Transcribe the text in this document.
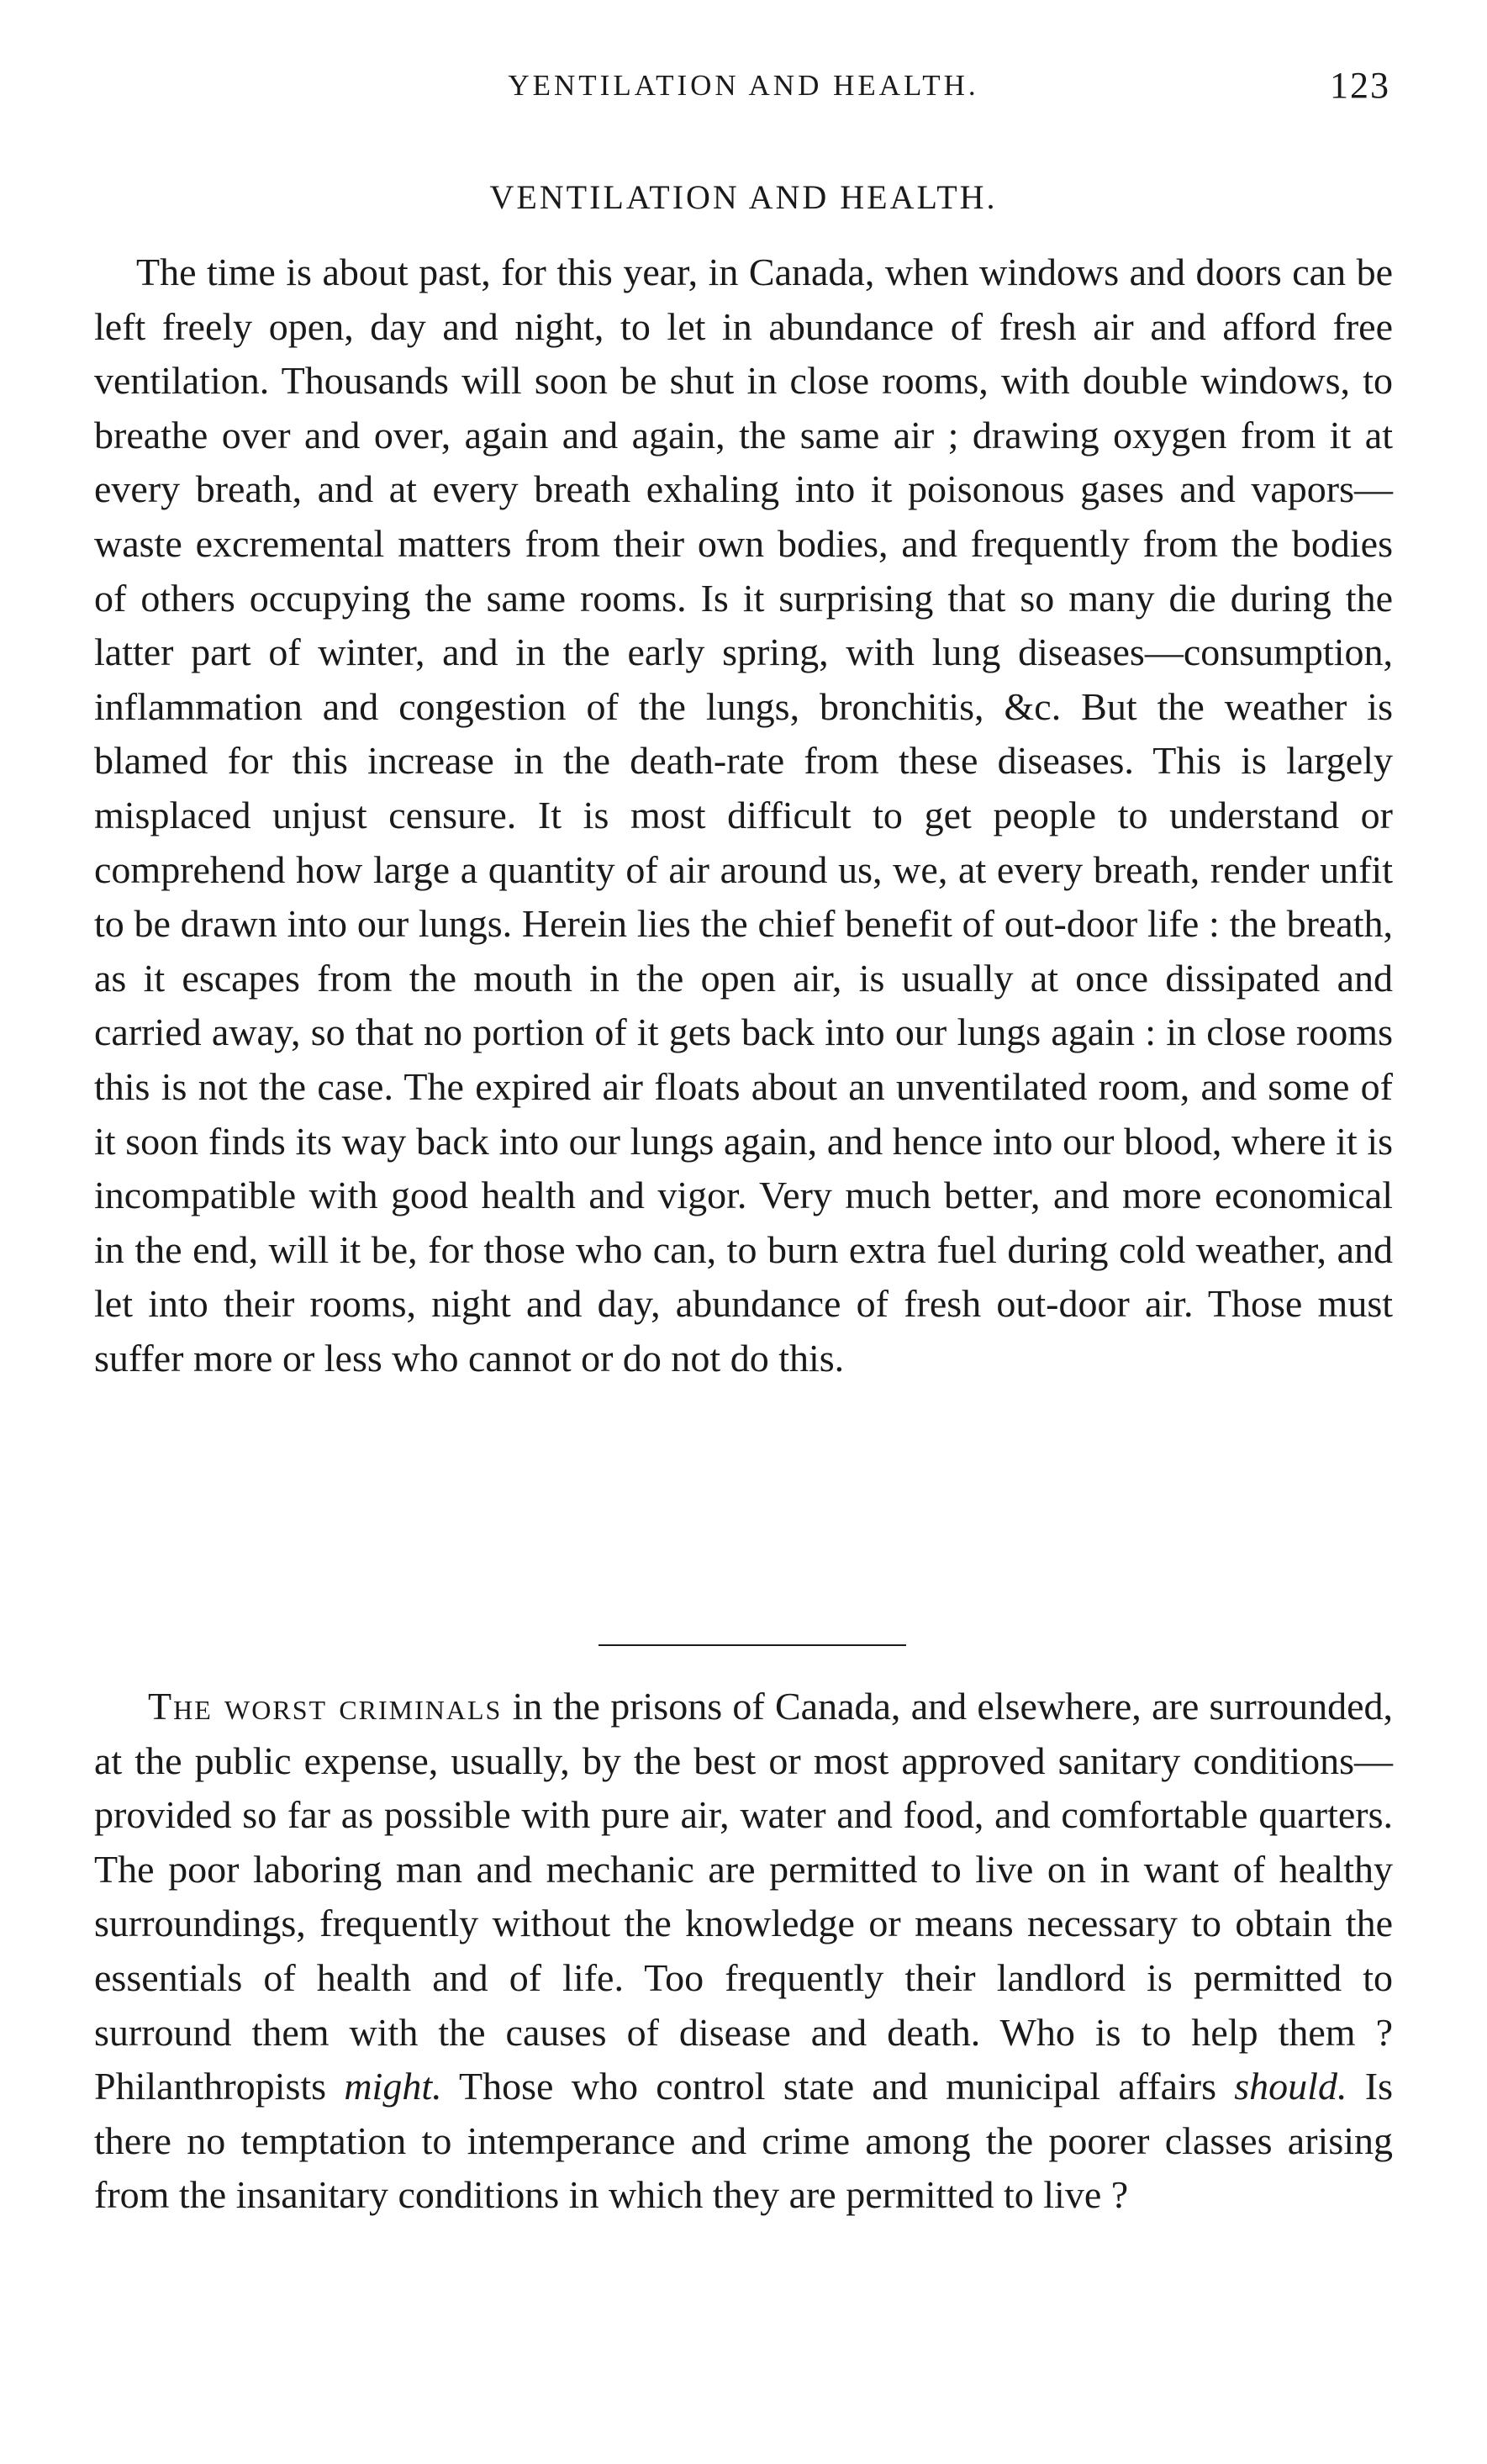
YENTILATION AND HEALTH.	123
VENTILATION AND HEALTH.

The time is about past, for this year, in Canada, when windows and doors can be left freely open, day and night, to let in abundance of fresh air and afford free ventilation. Thousands will soon be shut in close rooms, with double windows, to breathe over and over, again and again, the same air ; drawing oxygen from it at every breath, and at every breath exhaling into it poisonous gases and vapors—waste excremental matters from their own bodies, and frequently from the bodies of others occupying the same rooms. Is it surprising that so many die during the latter part of winter, and in the early spring, with lung diseases—consumption, inflammation and congestion of the lungs, bronchitis, &c. But the weather is blamed for this increase in the death-rate from these diseases. This is largely misplaced unjust censure. It is most difficult to get people to understand or comprehend how large a quantity of air around us, we, at every breath, render unfit to be drawn into our lungs. Herein lies the chief benefit of out-door life : the breath, as it escapes from the mouth in the open air, is usually at once dissipated and carried away, so that no portion of it gets back into our lungs again : in close rooms this is not the case. The expired air floats about an unventilated room, and some of it soon finds its way back into our lungs again, and hence into our blood, where it is incompatible with good health and vigor. Very much better, and more economical in the end, will it be, for those who can, to burn extra fuel during cold weather, and let into their rooms, night and day, abundance of fresh out-door air. Those must suffer more or less who cannot or do not do this.

The worst criminals in the prisons of Canada, and elsewhere, are surrounded, at the public expense, usually, by the best or most approved sanitary conditions—provided so far as possible with pure air, water and food, and comfortable quarters. The poor laboring man and mechanic are permitted to live on in want of healthy surroundings, frequently without the knowledge or means necessary to obtain the essentials of health and of life. Too frequently their landlord is permitted to surround them with the causes of disease and death. Who is to help them ? Philanthropists might. Those who control state and municipal affairs should. Is there no temptation to intemperance and crime among the poorer classes arising from the insanitary conditions in which they are permitted to live ?
